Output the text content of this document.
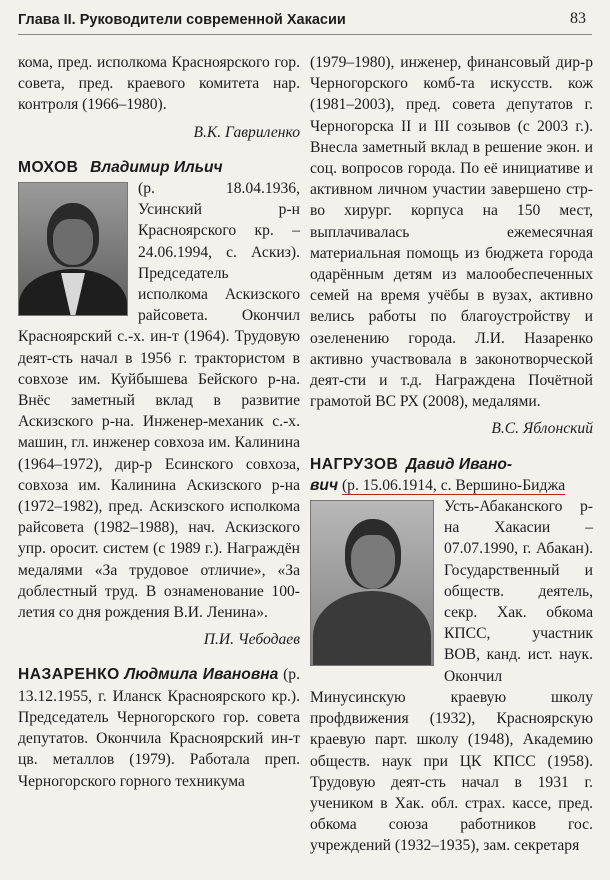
Глава II. Руководители современной Хакасии	83

кома, пред. исполкома Красноярского гор. совета, пред. краевого комитета нар. контроля (1966–1980).

В.К. Гавриленко

МОХОВ Владимир Ильич

(р. 18.04.1936, Усинский р-н Красноярского кр. – 24.06.1994, с. Аскиз). Председатель исполкома Аскизского райсовета. Окончил Красноярский с.-х. ин-т (1964). Трудовую деят-сть начал в 1956 г. трактористом в совхозе им. Куйбышева Бейского р-на. Внёс заметный вклад в развитие Аскизского р-на. Инженер-механик с.-х. машин, гл. инженер совхоза им. Калинина (1964–1972), дир-р Есинского совхоза, совхоза им. Калинина Аскизского р-на (1972–1982), пред. Аскизского исполкома райсовета (1982–1988), нач. Аскизского упр. оросит. систем (с 1989 г.). Награждён медалями «За трудовое отличие», «За доблестный труд. В ознаменование 100-летия со дня рождения В.И. Ленина».

П.И. Чебодаев

НАЗАРЕНКО Людмила Ивановна (р. 13.12.1955, г. Иланск Красноярского кр.). Председатель Черногорского гор. совета депутатов. Окончила Красноярский ин-т цв. металлов (1979). Работала преп. Черногорского горного техникума

(1979–1980), инженер, финансовый дир-р Черногорского комб-та искусств. кож (1981–2003), пред. совета депутатов г. Черногорска II и III созывов (с 2003 г.). Внесла заметный вклад в решение экон. и соц. вопросов города. По её инициативе и активном личном участии завершено стр-во хирург. корпуса на 150 мест, выплачивалась ежемесячная материальная помощь из бюджета города одарённым детям из малообеспеченных семей на время учёбы в вузах, активно велись работы по благоустройству и озеленению города. Л.И. Назаренко активно участвовала в законотворческой деят-сти и т.д. Награждена Почётной грамотой ВС РХ (2008), медалями.

В.С. Яблонский

НАГРУЗОВ Давид Ивано-

вич (р. 15.06.1914, с. Вершино-Биджа

Усть-Абаканского р-на Хакасии – 07.07.1990, г. Абакан). Государственный и обществ. деятель, секр. Хак. обкома КПСС, участник ВОВ, канд. ист. наук. Окончил Минусинскую краевую школу профдвижения (1932), Красноярскую краевую парт. школу (1948), Академию обществ. наук при ЦК КПСС (1958). Трудовую деят-сть начал в 1931 г. учеником в Хак. обл. страх. кассе, пред. обкома союза работников гос. учреждений (1932–1935), зам. секретаря
